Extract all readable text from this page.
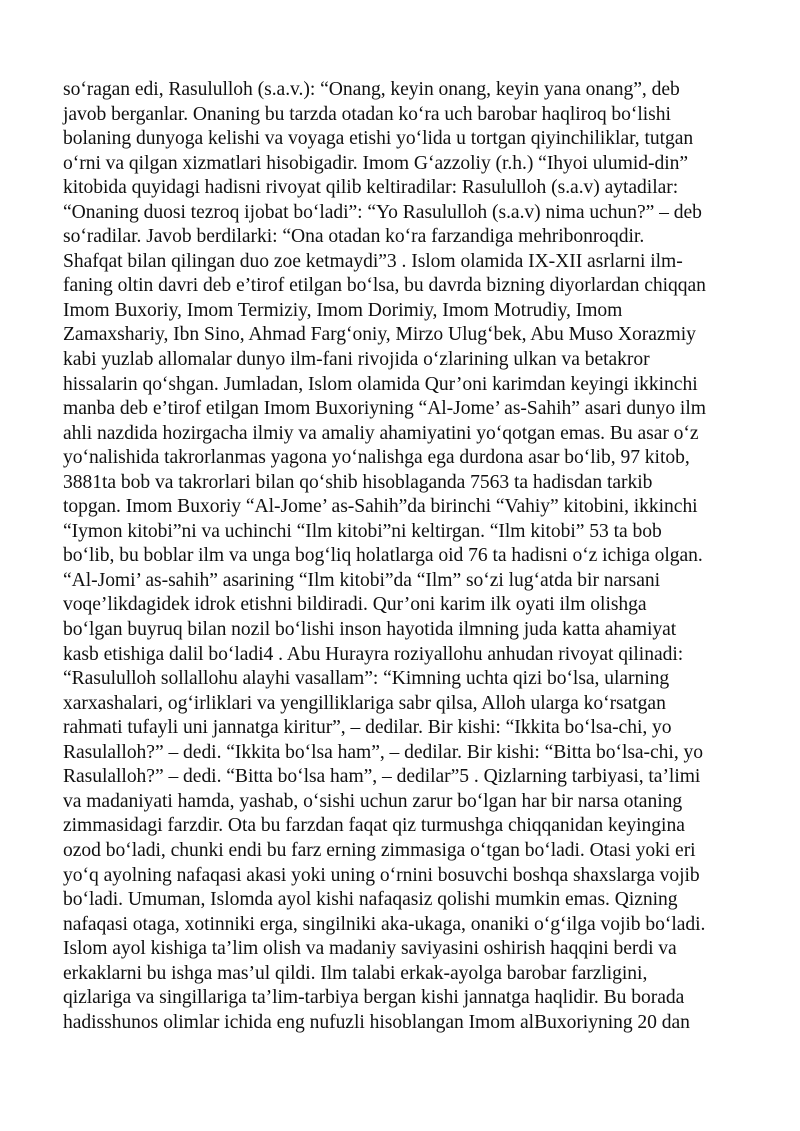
so‘ragan edi, Rasululloh (s.a.v.): “Onang, keyin onang, keyin yana onang”, deb
javob berganlar. Onaning bu tarzda otadan ko‘ra uch barobar haqliroq bo‘lishi
bolaning dunyoga kelishi va voyaga etishi yo‘lida u tortgan qiyinchiliklar, tutgan
o‘rni va qilgan xizmatlari hisobigadir. Imom G‘azzoliy (r.h.) “Ihyoi ulumid-din”
kitobida quyidagi hadisni rivoyat qilib keltiradilar: Rasululloh (s.a.v) aytadilar:
“Onaning duosi tezroq ijobat bo‘ladi”: “Yo Rasululloh (s.a.v) nima uchun?” – deb
so‘radilar. Javob berdilarki: “Ona otadan ko‘ra farzandiga mehribonroqdir.
Shafqat bilan qilingan duo zoe ketmaydi”3 . Islom olamida IX-XII asrlarni ilm-
faning oltin davri deb e’tirof etilgan bo‘lsa, bu davrda bizning diyorlardan chiqqan
Imom Buxoriy, Imom Termiziy, Imom Dorimiy, Imom Motrudiy, Imom
Zamaxshariy, Ibn Sino, Ahmad Farg‘oniy, Mirzo Ulug‘bek, Abu Muso Xorazmiy
kabi yuzlab allomalar dunyo ilm-fani rivojida o‘zlarining ulkan va betakror
hissalarin qo‘shgan. Jumladan, Islom olamida Qur’oni karimdan keyingi ikkinchi
manba deb e’tirof etilgan Imom Buxoriyning “Al-Jome’ as-Sahih” asari dunyo ilm
ahli nazdida hozirgacha ilmiy va amaliy ahamiyatini yo‘qotgan emas. Bu asar o‘z
yo‘nalishida takrorlanmas yagona yo‘nalishga ega durdona asar bo‘lib, 97 kitob,
3881ta bob va takrorlari bilan qo‘shib hisoblaganda 7563 ta hadisdan tarkib
topgan. Imom Buxoriy “Al-Jome’ as-Sahih”da birinchi “Vahiy” kitobini, ikkinchi
“Iymon kitobi”ni va uchinchi “Ilm kitobi”ni keltirgan. “Ilm kitobi” 53 ta bob
bo‘lib, bu boblar ilm va unga bog‘liq holatlarga oid 76 ta hadisni o‘z ichiga olgan.
“Al-Jomi’ as-sahih” asarining “Ilm kitobi”da “Ilm” so‘zi lug‘atda bir narsani
voqe’likdagidek idrok etishni bildiradi. Qur’oni karim ilk oyati ilm olishga
bo‘lgan buyruq bilan nozil bo‘lishi inson hayotida ilmning juda katta ahamiyat
kasb etishiga dalil bo‘ladi4 . Abu Hurayra roziyallohu anhudan rivoyat qilinadi:
“Rasululloh sollallohu alayhi vasallam”: “Kimning uchta qizi bo‘lsa, ularning
xarxashalari, og‘irliklari va yengilliklariga sabr qilsa, Alloh ularga ko‘rsatgan
rahmati tufayli uni jannatga kiritur”, – dedilar. Bir kishi: “Ikkita bo‘lsa-chi, yo
Rasulalloh?” – dedi. “Ikkita bo‘lsa ham”, – dedilar. Bir kishi: “Bitta bo‘lsa-chi, yo
Rasulalloh?” – dedi. “Bitta bo‘lsa ham”, – dedilar”5 . Qizlarning tarbiyasi, ta’limi
va madaniyati hamda, yashab, o‘sishi uchun zarur bo‘lgan har bir narsa otaning
zimmasidagi farzdir. Ota bu farzdan faqat qiz turmushga chiqqanidan keyingina
ozod bo‘ladi, chunki endi bu farz erning zimmasiga o‘tgan bo‘ladi. Otasi yoki eri
yo‘q ayolning nafaqasi akasi yoki uning o‘rnini bosuvchi boshqa shaxslarga vojib
bo‘ladi. Umuman, Islomda ayol kishi nafaqasiz qolishi mumkin emas. Qizning
nafaqasi otaga, xotinniki erga, singilniki aka-ukaga, onaniki o‘g‘ilga vojib bo‘ladi.
Islom ayol kishiga ta’lim olish va madaniy saviyasini oshirish haqqini berdi va
erkaklarni bu ishga mas’ul qildi. Ilm talabi erkak-ayolga barobar farzligini,
qizlariga va singillariga ta’lim-tarbiya bergan kishi jannatga haqlidir. Bu borada
hadisshunos olimlar ichida eng nufuzli hisoblangan Imom alBuxoriyning 20 dan
